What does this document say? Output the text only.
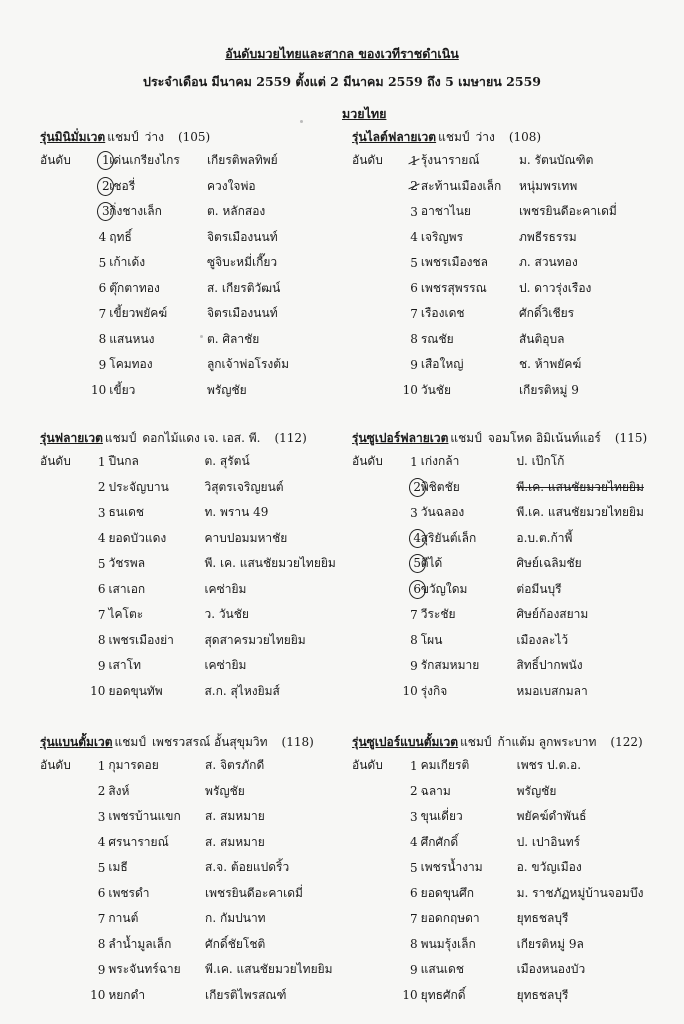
อันดับมวยไทยและสากล ของเวทีราชดำเนิน
ประจำเดือน มีนาคม 2559 ตั้งแต่ 2 มีนาคม 2559 ถึง 5 เมษายน 2559
มวยไทย
รุ่นมินิมั่มเวต แชมป์ ว่าง (105)
อันดับ	1	เด่นเกรียงไกร	เกียรติพลทิพย์
	2	เชอรี่	ควงใจพ่อ
	3	กิ่งชางเล็ก	ต. หลักสอง
	4	ฤทธิ์	จิตรเมืองนนท์
	5	เก้าเด้ง	ซูจิบะหมี่เกี๊ยว
	6	ตุ๊กตาทอง	ส. เกียรติวัฒน์
	7	เขี้ยวพยัคฆ์	จิตรเมืองนนท์
	8	แสนหนง	ต. ศิลาชัย
	9	โคมทอง	ลูกเจ้าพ่อโรงต้ม
	10	เขี้ยว	พรัญชัย
รุ่นไลต์ฟลายเวต แชมป์ ว่าง (108)
อันดับ	1	รุ้งนารายณ์	ม. รัตนบัณฑิต
	2	สะท้านเมืองเล็ก	หนุ่มพรเทพ
	3	อาชาไนย	เพชรยินดีอะคาเดมี่
	4	เจริญพร	ภพธีรธรรม
	5	เพชรเมืองชล	ภ. สวนทอง
	6	เพชรสุพรรณ	ป. ดาวรุ่งเรือง
	7	เรืองเดช	ศักดิ์วิเชียร
	8	รณชัย	สันติอุบล
	9	เสือใหญ่	ช. ห้าพยัคฆ์
	10	วันชัย	เกียรติหมู่ 9
รุ่นฟลายเวต แชมป์ ดอกไม้แดง เจ. เอส. พี. (112)
อันดับ	1	ปืนกล	ต. สุรัตน์
	2	ประจัญบาน	วิสุตรเจริญยนต์
	3	ธนเดช	ท. พราน 49
	4	ยอดบัวแดง	คาบปอมมหาชัย
	5	วัชรพล	พี. เค. แสนชัยมวยไทยยิม
	6	เสาเอก	เคซ่ายิม
	7	ไคโตะ	ว. วันชัย
	8	เพชรเมืองย่า	สุดสาครมวยไทยยิม
	9	เสาโท	เคซ่ายิม
	10	ยอดขุนทัพ	ส.ก. สุไหงยิมส์
รุ่นซูเปอร์ฟลายเวต แชมป์ จอมโหด อิมิเน้นท์แอร์ (115)
อันดับ	1	เก่งกล้า	ป. เป๊กโก้
	2	พิชิตชัย	พี.เค. แสนชัยมวยไทยยิม
	3	วันฉลอง	พี.เค. แสนชัยมวยไทยยิม
	4	สุริยันต์เล็ก	อ.บ.ต.ก้าพี้
	5	ตีได้	ศิษย์เฉลิมชัย
	6	ขวัญใดม	ต่อมีนบุรี
	7	วีระชัย	ศิษย์ก้องสยาม
	8	โผน	เมืองละไว้
	9	รักสมหมาย	สิทธิ์ปากพนัง
	10	รุ่งกิจ	หมอเบสกมลา
รุ่นแบนตั้มเวต แชมป์ เพชรวสรณ์ อั้นสุขุมวิท (118)
อันดับ	1	กุมารดอย	ส. จิตรภักดี
	2	สิงห์	พรัญชัย
	3	เพชรบ้านแขก	ส. สมหมาย
	4	ศรนารายณ์	ส. สมหมาย
	5	เมธี	ส.จ. ต้อยแปดริ้ว
	6	เพชรดำ	เพชรยินดีอะคาเดมี่
	7	กานต์	ก. กัมปนาท
	8	ลำน้ำมูลเล็ก	ศักดิ์ชัยโชติ
	9	พระจันทร์ฉาย	พี.เค. แสนชัยมวยไทยยิม
	10	หยกดำ	เกียรติไพรสณฑ์
รุ่นซูเปอร์แบนตั้มเวต แชมป์ ก้าแต้ม ลูกพระบาท (122)
อันดับ	1	คมเกียรติ	เพชร ป.ต.อ.
	2	ฉลาม	พรัญชัย
	3	ขุนเดี่ยว	พยัคฆ์ดำพันธ์
	4	ศึกศักดิ์	ป. เปาอินทร์
	5	เพชรน้ำงาม	อ. ขวัญเมือง
	6	ยอดขุนศึก	ม. ราชภัฏหมู่บ้านจอมบึง
	7	ยอดกฤษดา	ยุทธชลบุรี
	8	พนมรุ้งเล็ก	เกียรติหมู่ 9ล
	9	แสนเดช	เมืองหนองบัว
	10	ยุทธศักดิ์	ยุทธชลบุรี
